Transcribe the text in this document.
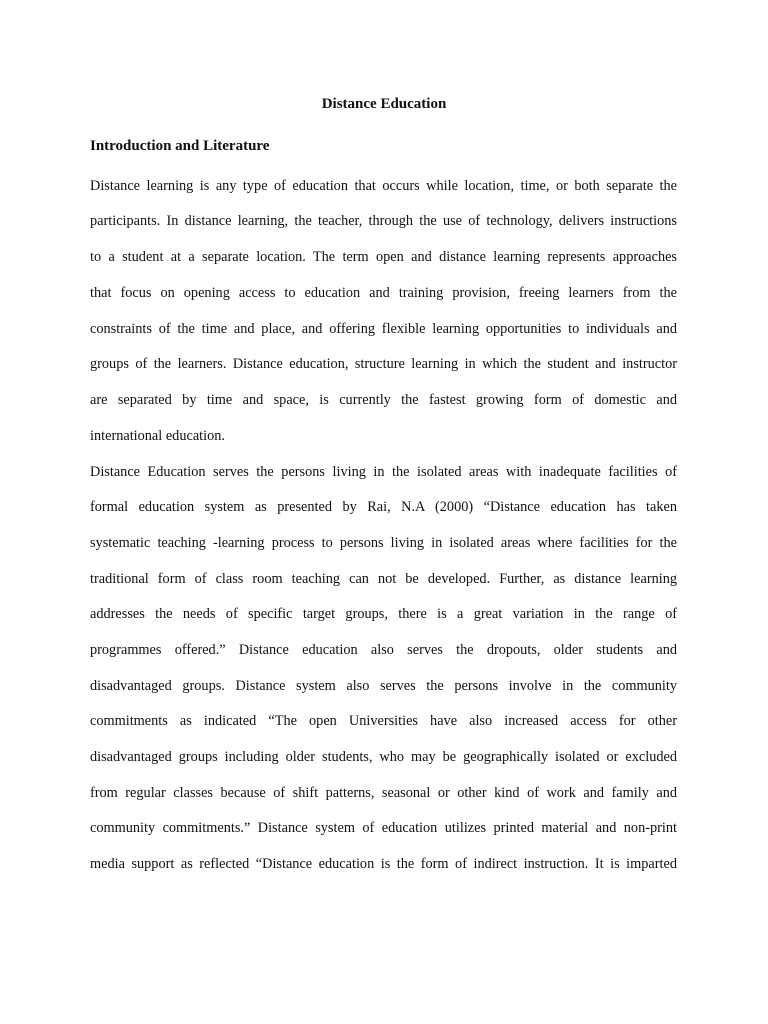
Distance Education
Introduction and Literature
Distance learning is any type of education that occurs while location, time, or both separate the
participants. In distance learning, the teacher, through the use of technology, delivers instructions
to a student at a separate location. The term open and distance learning represents approaches
that focus on opening access to education and training provision, freeing learners from the
constraints of the time and place, and offering flexible learning opportunities to individuals and
groups of the learners. Distance education, structure learning in which the student and instructor
are separated by time and space, is currently the fastest growing form of domestic and
international education.
Distance Education serves the persons living in the isolated areas with inadequate facilities of
formal education system as presented by Rai, N.A (2000) “Distance education has taken
systematic teaching -learning process to persons living in isolated areas where facilities for the
traditional form of class room teaching can not be developed. Further, as distance learning
addresses the needs of specific target groups, there is a great variation in the range of
programmes offered.” Distance education also serves the dropouts, older students and
disadvantaged groups. Distance system also serves the persons involve in the community
commitments as indicated “The open Universities have also increased access for other
disadvantaged groups including older students, who may be geographically isolated or excluded
from regular classes because of shift patterns, seasonal or other kind of work and family and
community commitments.” Distance system of education utilizes printed material and non-print
media support as reflected “Distance education is the form of indirect instruction. It is imparted
